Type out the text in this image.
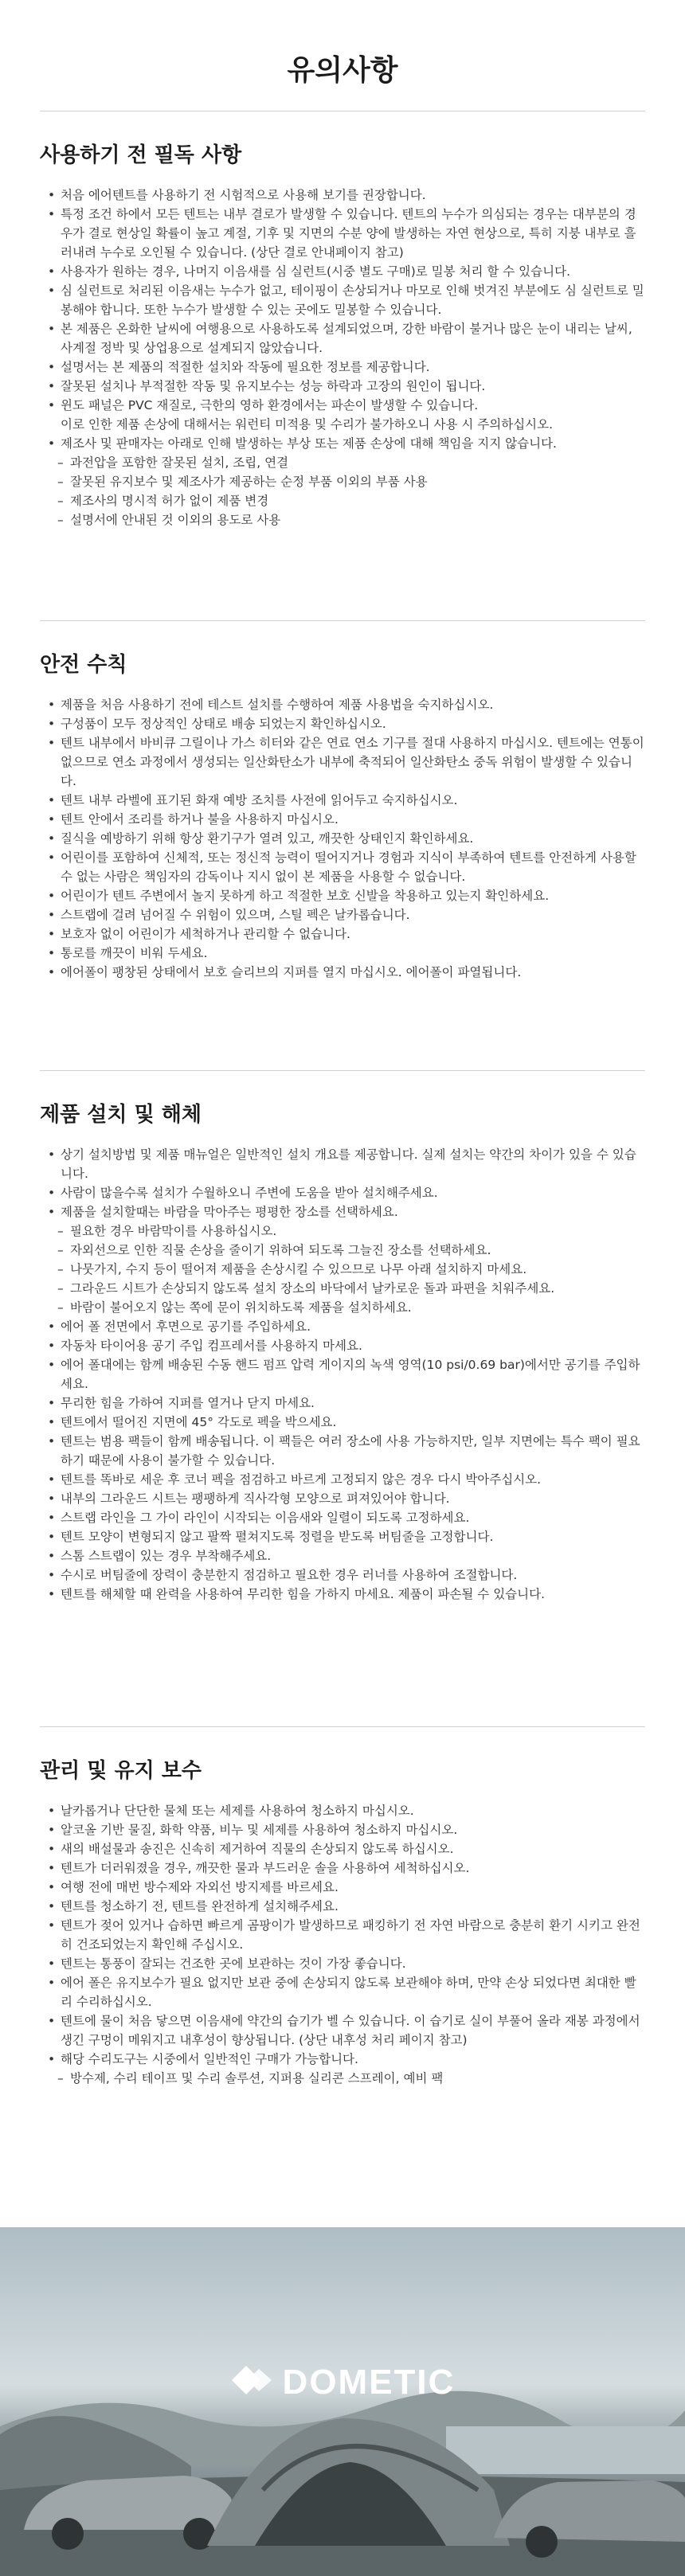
유의사항
사용하기 전 필독 사항
• 처음 에어텐트를 사용하기 전 시험적으로 사용해 보기를 권장합니다.
• 특정 조건 하에서 모든 텐트는 내부 결로가 발생할 수 있습니다. 텐트의 누수가 의심되는 경우는 대부분의 경우가 결로 현상일 확률이 높고 계절, 기후 및 지면의 수분 양에 발생하는 자연 현상으로, 특히 지붕 내부로 흘러내려 누수로 오인될 수 있습니다. (상단 결로 안내페이지 참고)
• 사용자가 원하는 경우, 나머지 이음새를 심 실런트(시중 별도 구매)로 밀봉 처리 할 수 있습니다.
• 심 실런트로 처리된 이음새는 누수가 없고, 테이핑이 손상되거나 마모로 인해 벗겨진 부분에도 심 실런트로 밀봉해야 합니다. 또한 누수가 발생할 수 있는 곳에도 밀봉할 수 있습니다.
• 본 제품은 온화한 날씨에 여행용으로 사용하도록 설계되었으며, 강한 바람이 불거나 많은 눈이 내리는 날씨, 사계절 정박 및 상업용으로 설계되지 않았습니다.
• 설명서는 본 제품의 적절한 설치와 작동에 필요한 정보를 제공합니다.
• 잘못된 설치나 부적절한 작동 및 유지보수는 성능 하락과 고장의 원인이 됩니다.
• 윈도 패널은 PVC 재질로, 극한의 영하 환경에서는 파손이 발생할 수 있습니다.
이로 인한 제품 손상에 대해서는 워런티 미적용 및 수리가 불가하오니 사용 시 주의하십시오.
• 제조사 및 판매자는 아래로 인해 발생하는 부상 또는 제품 손상에 대해 책임을 지지 않습니다.
– 과전압을 포함한 잘못된 설치, 조립, 연결
– 잘못된 유지보수 및 제조사가 제공하는 순정 부품 이외의 부품 사용
– 제조사의 명시적 허가 없이 제품 변경
– 설명서에 안내된 것 이외의 용도로 사용
안전 수칙
• 제품을 처음 사용하기 전에 테스트 설치를 수행하여 제품 사용법을 숙지하십시오.
• 구성품이 모두 정상적인 상태로 배송 되었는지 확인하십시오.
• 텐트 내부에서 바비큐 그릴이나 가스 히터와 같은 연료 연소 기구를 절대 사용하지 마십시오. 텐트에는 연통이 없으므로 연소 과정에서 생성되는 일산화탄소가 내부에 축적되어 일산화탄소 중독 위험이 발생할 수 있습니다.
• 텐트 내부 라벨에 표기된 화재 예방 조치를 사전에 읽어두고 숙지하십시오.
• 텐트 안에서 조리를 하거나 불을 사용하지 마십시오.
• 질식을 예방하기 위해 항상 환기구가 열려 있고, 깨끗한 상태인지 확인하세요.
• 어린이를 포함하여 신체적, 또는 정신적 능력이 떨어지거나 경험과 지식이 부족하여 텐트를 안전하게 사용할 수 없는 사람은 책임자의 감독이나 지시 없이 본 제품을 사용할 수 없습니다.
• 어린이가 텐트 주변에서 놀지 못하게 하고 적절한 보호 신발을 착용하고 있는지 확인하세요.
• 스트랩에 걸려 넘어질 수 위험이 있으며, 스틸 펙은 날카롭습니다.
• 보호자 없이 어린이가 세척하거나 관리할 수 없습니다.
• 통로를 깨끗이 비워 두세요.
• 에어폴이 팽창된 상태에서 보호 슬리브의 지퍼를 열지 마십시오. 에어폴이 파열됩니다.
제품 설치 및 해체
• 상기 설치방법 및 제품 매뉴얼은 일반적인 설치 개요를 제공합니다. 실제 설치는 약간의 차이가 있을 수 있습니다.
• 사람이 많을수록 설치가 수월하오니 주변에 도움을 받아 설치해주세요.
• 제품을 설치할때는 바람을 막아주는 평평한 장소를 선택하세요.
– 필요한 경우 바람막이를 사용하십시오.
– 자외선으로 인한 직물 손상을 줄이기 위하여 되도록 그늘진 장소를 선택하세요.
– 나뭇가지, 수지 등이 떨어져 제품을 손상시킬 수 있으므로 나무 아래 설치하지 마세요.
– 그라운드 시트가 손상되지 않도록 설치 장소의 바닥에서 날카로운 돌과 파편을 치워주세요.
– 바람이 불어오지 않는 쪽에 문이 위치하도록 제품을 설치하세요.
• 에어 폴 전면에서 후면으로 공기를 주입하세요.
• 자동차 타이어용 공기 주입 컴프레서를 사용하지 마세요.
• 에어 폴대에는 함께 배송된 수동 핸드 펌프 압력 게이지의 녹색 영역(10 psi/0.69 bar)에서만 공기를 주입하세요.
• 무리한 힘을 가하여 지퍼를 열거나 닫지 마세요.
• 텐트에서 떨어진 지면에 45° 각도로 펙을 박으세요.
• 텐트는 범용 팩들이 함께 배송됩니다. 이 팩들은 여러 장소에 사용 가능하지만, 일부 지면에는 특수 팩이 필요하기 때문에 사용이 불가할 수 있습니다.
• 텐트를 똑바로 세운 후 코너 펙을 점검하고 바르게 고정되지 않은 경우 다시 박아주십시오.
• 내부의 그라운드 시트는 팽팽하게 직사각형 모양으로 펴져있어야 합니다.
• 스트랩 라인을 그 가이 라인이 시작되는 이음새와 일렬이 되도록 고정하세요.
• 텐트 모양이 변형되지 않고 팔짝 펼쳐지도록 정렬을 받도록 버팀줄을 고정합니다.
• 스톰 스트랩이 있는 경우 부착해주세요.
• 수시로 버팀줄에 장력이 충분한지 점검하고 필요한 경우 러너를 사용하여 조절합니다.
• 텐트를 해체할 때 완력을 사용하여 무리한 힘을 가하지 마세요. 제품이 파손될 수 있습니다.
관리 및 유지 보수
• 날카롭거나 단단한 물체 또는 세제를 사용하여 청소하지 마십시오.
• 알코올 기반 물질, 화학 약품, 비누 및 세제를 사용하여 청소하지 마십시오.
• 새의 배설물과 송진은 신속히 제거하여 직물의 손상되지 않도록 하십시오.
• 텐트가 더러워졌을 경우, 깨끗한 물과 부드러운 솔을 사용하여 세척하십시오.
• 여행 전에 매번 방수제와 자외선 방지제를 바르세요.
• 텐트를 청소하기 전, 텐트를 완전하게 설치해주세요.
• 텐트가 젖어 있거나 습하면 빠르게 곰팡이가 발생하므로 패킹하기 전 자연 바람으로 충분히 환기 시키고 완전히 건조되었는지 확인해 주십시오.
• 텐트는 통풍이 잘되는 건조한 곳에 보관하는 것이 가장 좋습니다.
• 에어 폴은 유지보수가 필요 없지만 보관 중에 손상되지 않도록 보관해야 하며, 만약 손상 되었다면 최대한 빨리 수리하십시오.
• 텐트에 물이 처음 닿으면 이음새에 약간의 습기가 벨 수 있습니다. 이 습기로 실이 부풀어 올라 재봉 과정에서 생긴 구멍이 메워지고 내후성이 향상됩니다. (상단 내후성 처리 페이지 참고)
• 해당 수리도구는 시중에서 일반적인 구매가 가능합니다.
– 방수제, 수리 테이프 및 수리 솔루션, 지퍼용 실리콘 스프레이, 예비 팩
DOMETIC
